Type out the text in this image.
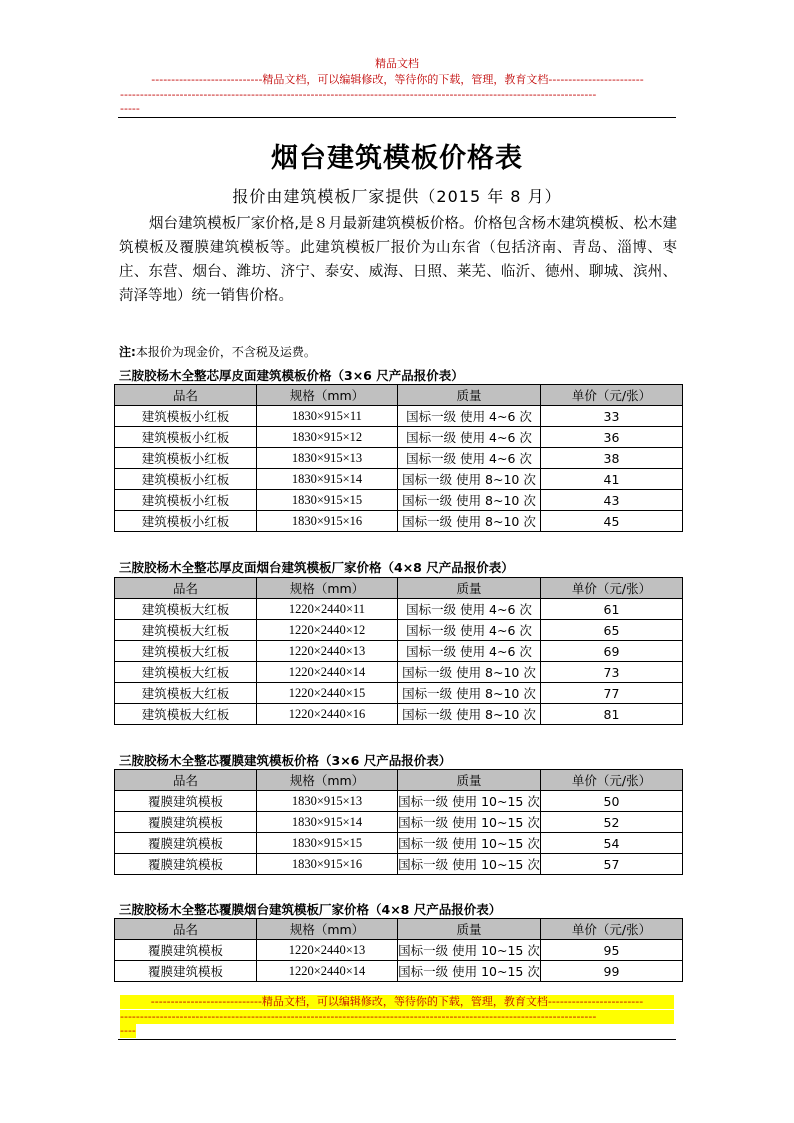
精品文档
----------------------------精品文档，可以编辑修改，等待你的下载，管理，教育文档------------------------
------------------------------------------------------------------------------------------------------------------------
-----
烟台建筑模板价格表
报价由建筑模板厂家提供（2015 年 8 月）
烟台建筑模板厂家价格,是８月最新建筑模板价格。价格包含杨木建筑模板、松木建筑模板及覆膜建筑模板等。此建筑模板厂报价为山东省（包括济南、青岛、淄博、枣庄、东营、烟台、潍坊、济宁、泰安、威海、日照、莱芜、临沂、德州、聊城、滨州、菏泽等地）统一销售价格。
注:本报价为现金价，不含税及运费。
三胺胶杨木全整芯厚皮面建筑模板价格（3×6 尺产品报价表）
品名	规格（mm）	质量	单价（元/张）
建筑模板小红板	1830×915×11	国标一级 使用 4~6 次	33
建筑模板小红板	1830×915×12	国标一级 使用 4~6 次	36
建筑模板小红板	1830×915×13	国标一级 使用 4~6 次	38
建筑模板小红板	1830×915×14	国标一级 使用 8~10 次	41
建筑模板小红板	1830×915×15	国标一级 使用 8~10 次	43
建筑模板小红板	1830×915×16	国标一级 使用 8~10 次	45
三胺胶杨木全整芯厚皮面烟台建筑模板厂家价格（4×8 尺产品报价表）
品名	规格（mm）	质量	单价（元/张）
建筑模板大红板	1220×2440×11	国标一级 使用 4~6 次	61
建筑模板大红板	1220×2440×12	国标一级 使用 4~6 次	65
建筑模板大红板	1220×2440×13	国标一级 使用 4~6 次	69
建筑模板大红板	1220×2440×14	国标一级 使用 8~10 次	73
建筑模板大红板	1220×2440×15	国标一级 使用 8~10 次	77
建筑模板大红板	1220×2440×16	国标一级 使用 8~10 次	81
三胺胶杨木全整芯覆膜建筑模板价格（3×6 尺产品报价表）
品名	规格（mm）	质量	单价（元/张）
覆膜建筑模板	1830×915×13	国标一级 使用 10~15 次	50
覆膜建筑模板	1830×915×14	国标一级 使用 10~15 次	52
覆膜建筑模板	1830×915×15	国标一级 使用 10~15 次	54
覆膜建筑模板	1830×915×16	国标一级 使用 10~15 次	57
三胺胶杨木全整芯覆膜烟台建筑模板厂家价格（4×8 尺产品报价表）
品名	规格（mm）	质量	单价（元/张）
覆膜建筑模板	1220×2440×13	国标一级 使用 10~15 次	95
覆膜建筑模板	1220×2440×14	国标一级 使用 10~15 次	99
----------------------------精品文档，可以编辑修改，等待你的下载，管理，教育文档------------------------
------------------------------------------------------------------------------------------------------------------------
----
